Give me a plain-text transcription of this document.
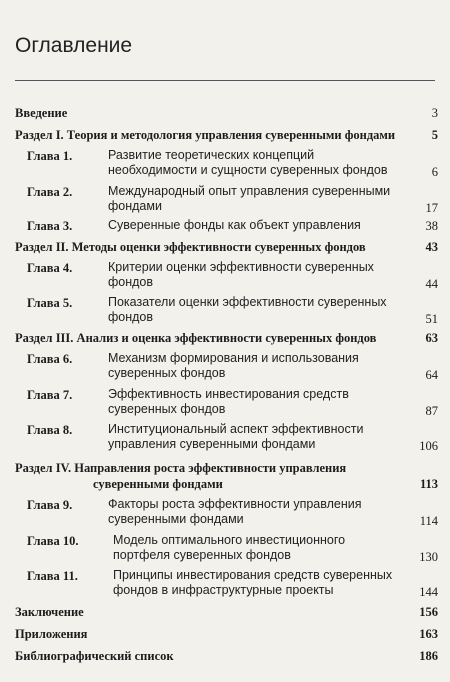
Оглавление
Введение	3
Раздел I. Теория и методология управления суверенными фондами	5
Глава 1.	Развитие теоретических концепций
необходимости и сущности суверенных фондов	6
Глава 2.	Международный опыт управления суверенными
фондами	17
Глава 3.	Суверенные фонды как объект управления	38
Раздел II. Методы оценки эффективности суверенных фондов	43
Глава 4.	Критерии оценки эффективности суверенных
фондов	44
Глава 5.	Показатели оценки эффективности суверенных
фондов	51
Раздел III. Анализ и оценка эффективности суверенных фондов	63
Глава 6.	Механизм формирования и использования
суверенных фондов	64
Глава 7.	Эффективность инвестирования средств
суверенных фондов	87
Глава 8.	Институциональный аспект эффективности
управления суверенными фондами	106
Раздел IV. Направления роста эффективности управления
суверенными фондами	113
Глава 9.	Факторы роста эффективности управления
суверенными фондами	114
Глава 10.	Модель оптимального инвестиционного
портфеля суверенных фондов	130
Глава 11.	Принципы инвестирования средств суверенных
фондов в инфраструктурные проекты	144
Заключение	156
Приложения	163
Библиографический список	186
